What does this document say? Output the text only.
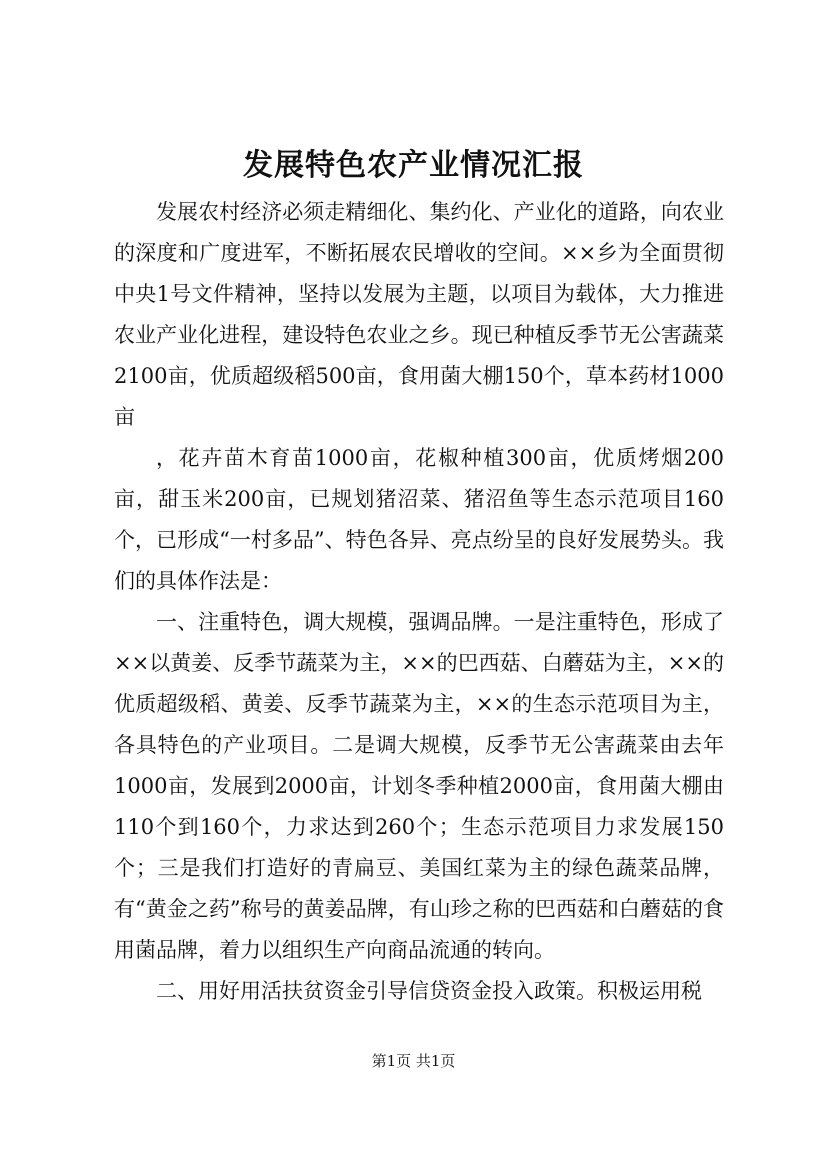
发展特色农产业情况汇报

发展农村经济必须走精细化、集约化、产业化的道路，向农业的深度和广度进军，不断拓展农民增收的空间。××乡为全面贯彻中央1号文件精神，坚持以发展为主题，以项目为载体，大力推进农业产业化进程，建设特色农业之乡。现已种植反季节无公害蔬菜2100亩，优质超级稻500亩，食用菌大棚150个，草本药材1000亩

，花卉苗木育苗1000亩，花椒种植300亩，优质烤烟200亩，甜玉米200亩，已规划猪沼菜、猪沼鱼等生态示范项目160个，已形成“一村多品”、特色各异、亮点纷呈的良好发展势头。我们的具体作法是：

一、注重特色，调大规模，强调品牌。一是注重特色，形成了××以黄姜、反季节蔬菜为主，××的巴西菇、白蘑菇为主，××的优质超级稻、黄姜、反季节蔬菜为主，××的生态示范项目为主，各具特色的产业项目。二是调大规模，反季节无公害蔬菜由去年1000亩，发展到2000亩，计划冬季种植2000亩，食用菌大棚由110个到160个，力求达到260个；生态示范项目力求发展150个；三是我们打造好的青扁豆、美国红菜为主的绿色蔬菜品牌，有“黄金之药”称号的黄姜品牌，有山珍之称的巴西菇和白蘑菇的食用菌品牌，着力以组织生产向商品流通的转向。

二、用好用活扶贫资金引导信贷资金投入政策。积极运用税

第1页 共1页
